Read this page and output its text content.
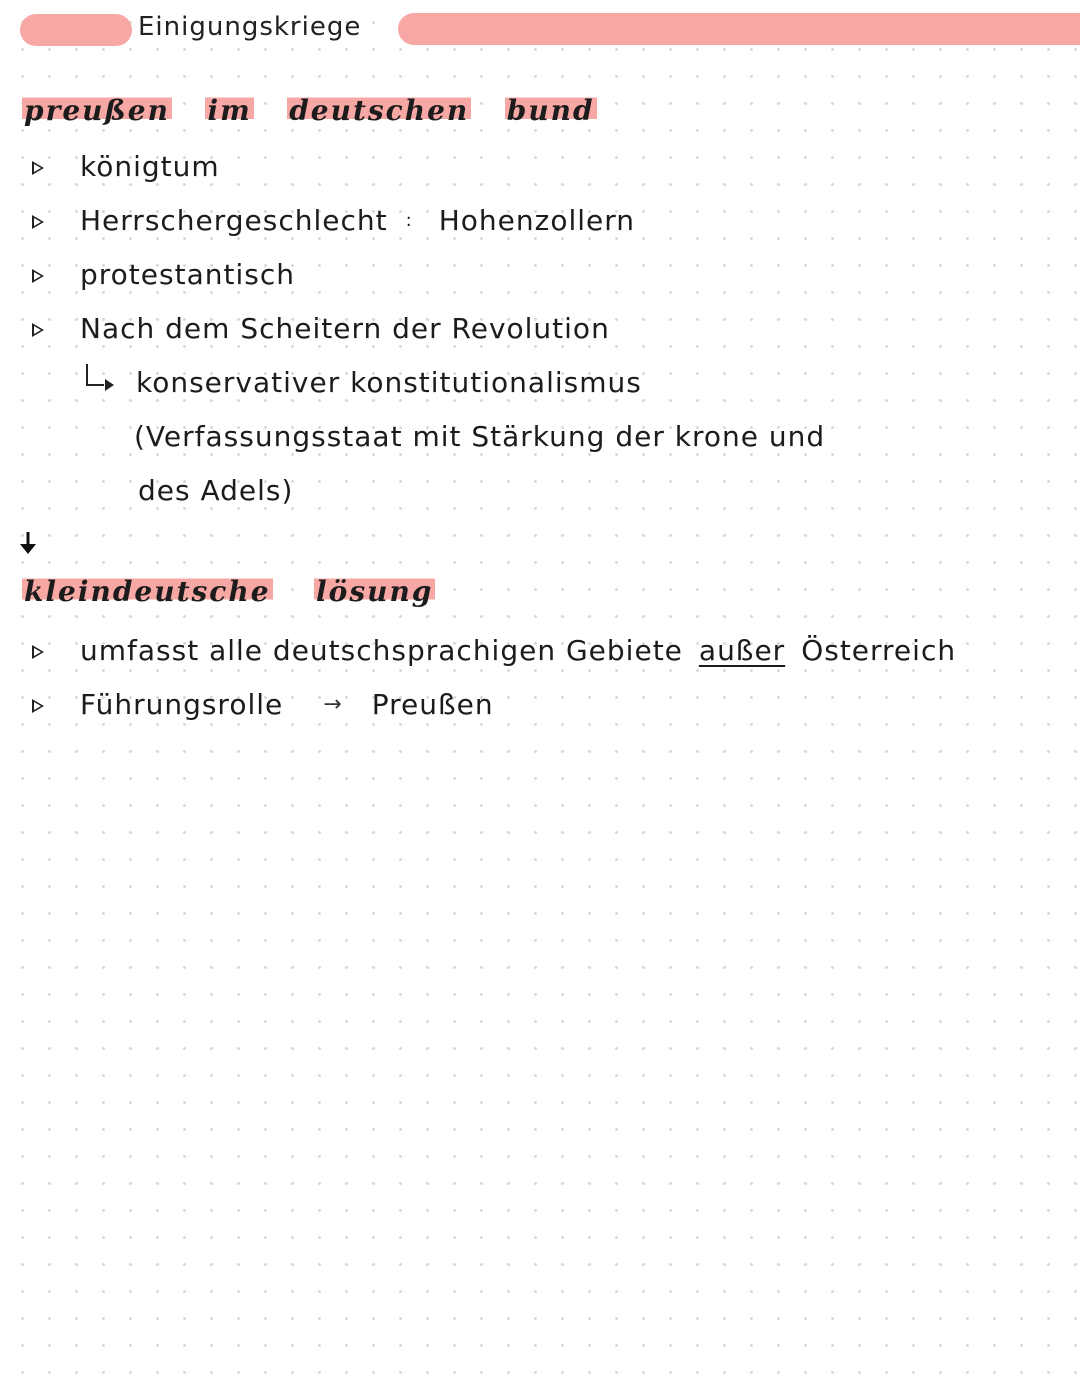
Einigungskriege
preußen im deutschen bund
königtum
Herrschergeschlecht : Hohenzollern
protestantisch
Nach dem Scheitern der Revolution
konservativer konstitutionalismus
(Verfassungsstaat mit Stärkung der krone und
des Adels)
kleindeutsche lösung
umfasst alle deutschsprachigen Gebiete außer Österreich
Führungsrolle → Preußen
